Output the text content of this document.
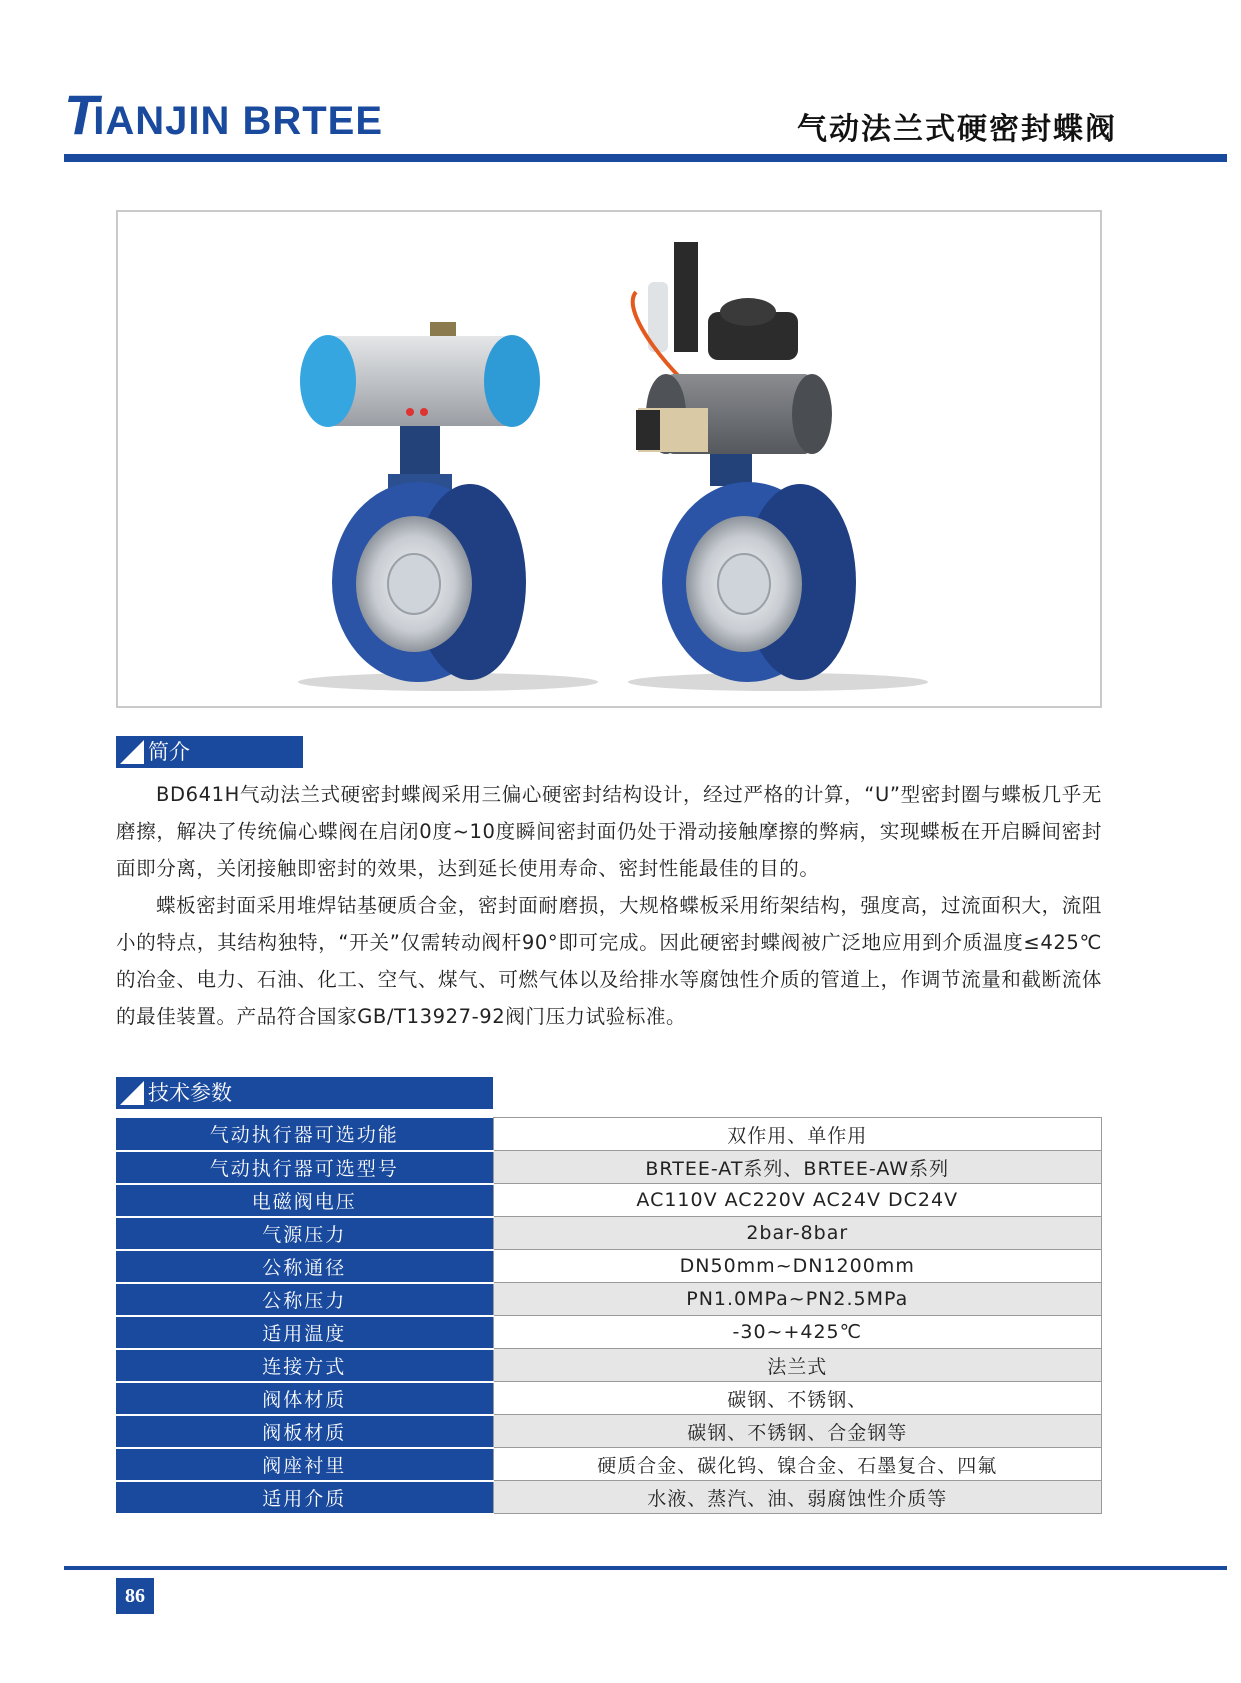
TIANJIN BRTEE	气动法兰式硬密封蝶阀
简介

BD641H气动法兰式硬密封蝶阀采用三偏心硬密封结构设计，经过严格的计算，“U”型密封圈与蝶板几乎无磨擦，解决了传统偏心蝶阀在启闭0度~10度瞬间密封面仍处于滑动接触摩擦的弊病，实现蝶板在开启瞬间密封面即分离，关闭接触即密封的效果，达到延长使用寿命、密封性能最佳的目的。

蝶板密封面采用堆焊钴基硬质合金，密封面耐磨损，大规格蝶板采用绗架结构，强度高，过流面积大，流阻小的特点，其结构独特，“开关”仅需转动阀杆90°即可完成。因此硬密封蝶阀被广泛地应用到介质温度≤425℃的冶金、电力、石油、化工、空气、煤气、可燃气体以及给排水等腐蚀性介质的管道上，作调节流量和截断流体的最佳装置。产品符合国家GB/T13927-92阀门压力试验标准。

技术参数
气动执行器可选功能	双作用、单作用
气动执行器可选型号	BRTEE-AT系列、BRTEE-AW系列
电磁阀电压	AC110V AC220V AC24V DC24V
气源压力	2bar-8bar
公称通径	DN50mm~DN1200mm
公称压力	PN1.0MPa~PN2.5MPa
适用温度	-30~+425℃
连接方式	法兰式
阀体材质	碳钢、不锈钢、
阀板材质	碳钢、不锈钢、合金钢等
阀座衬里	硬质合金、碳化钨、镍合金、石墨复合、四氟
适用介质	水液、蒸汽、油、弱腐蚀性介质等
86
